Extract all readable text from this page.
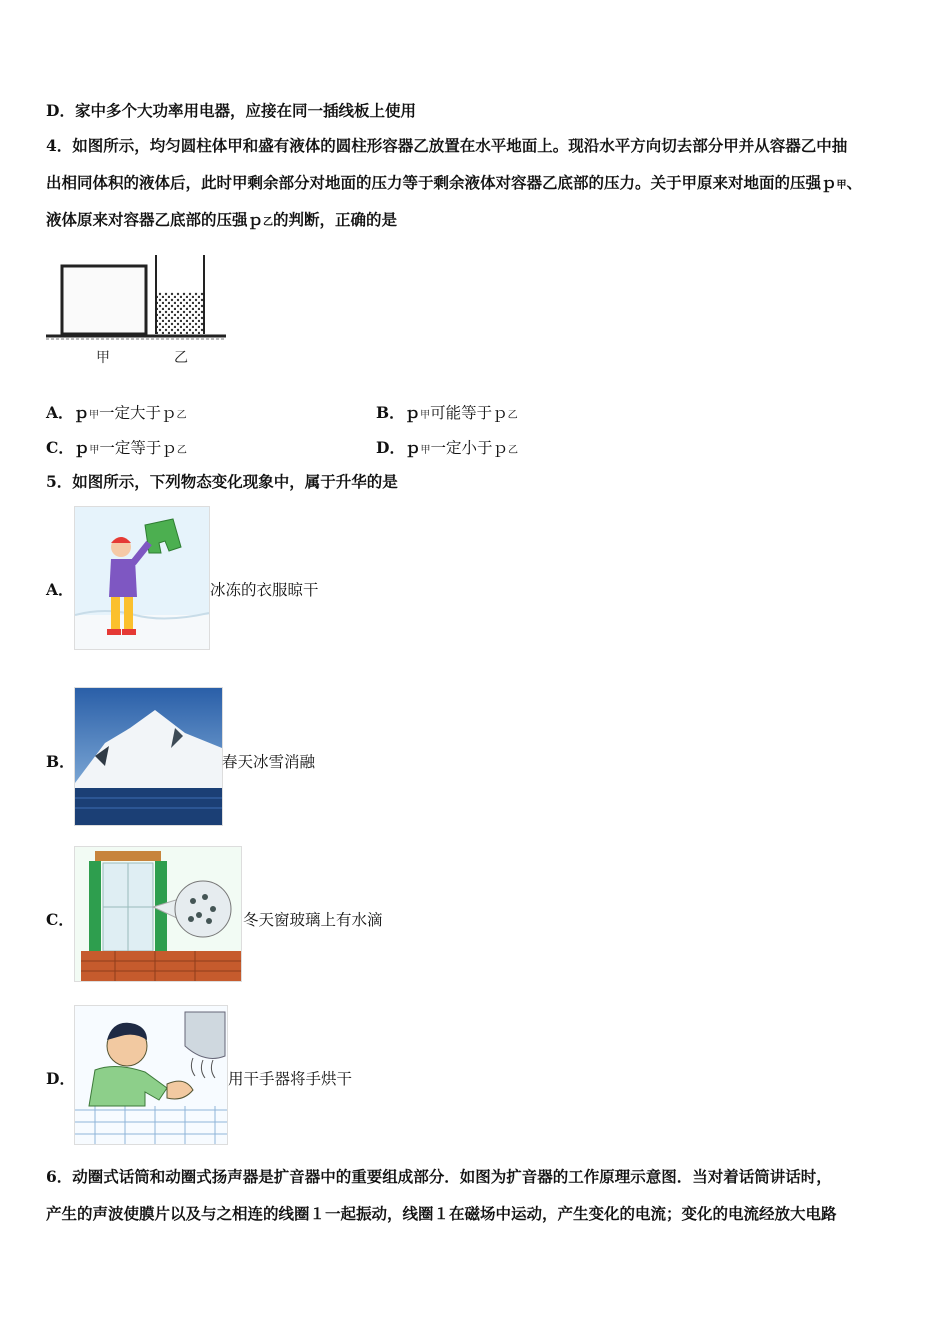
D．家中多个大功率用电器，应接在同一插线板上使用
4．如图所示，均匀圆柱体甲和盛有液体的圆柱形容器乙放置在水平地面上。现沿水平方向切去部分甲并从容器乙中抽
出相同体积的液体后，此时甲剩余部分对地面的压力等于剩余液体对容器乙底部的压力。关于甲原来对地面的压强ｐ甲、
液体原来对容器乙底部的压强ｐ乙的判断，正确的是
甲	乙
A．ｐ甲一定大于ｐ乙	B．ｐ甲可能等于ｐ乙
C．ｐ甲一定等于ｐ乙	D．ｐ甲一定小于ｐ乙
5．如图所示，下列物态变化现象中，属于升华的是
A．	冰冻的衣服晾干
B．	春天冰雪消融
C．	冬天窗玻璃上有水滴
D．	用干手器将手烘干
6．动圈式话筒和动圈式扬声器是扩音器中的重要组成部分．如图为扩音器的工作原理示意图．当对着话筒讲话时，
产生的声波使膜片以及与之相连的线圈１一起振动，线圈１在磁场中运动，产生变化的电流；变化的电流经放大电路
